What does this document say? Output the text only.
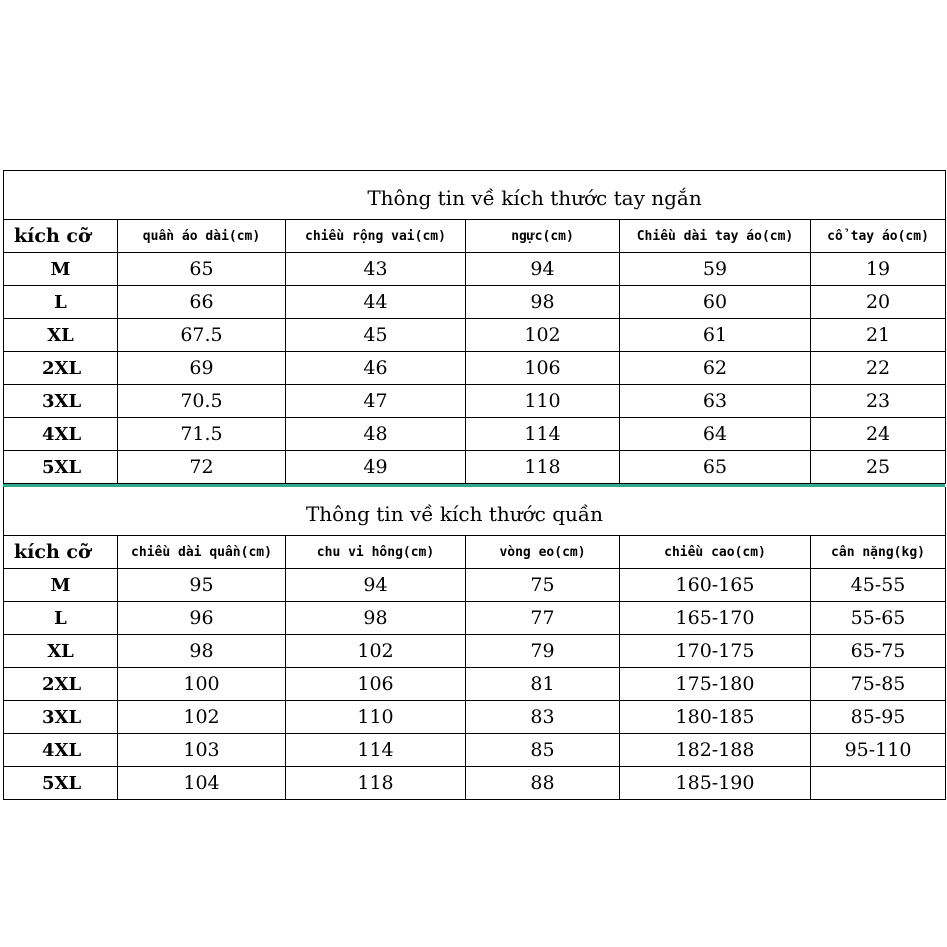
Thông tin về kích thước tay ngắn					
kích cỡ	quần áo dài(cm)	chiều rộng vai(cm)	ngực(cm)	Chiều dài tay áo(cm)	cổ tay áo(cm)
M	65	43	94	59	19
L	66	44	98	60	20
XL	67.5	45	102	61	21
2XL	69	46	106	62	22
3XL	70.5	47	110	63	23
4XL	71.5	48	114	64	24
5XL	72	49	118	65	25
Thông tin về kích thước quần					
kích cỡ	chiều dài quần(cm)	chu vi hông(cm)	vòng eo(cm)	chiều cao(cm)	cân nặng(kg)
M	95	94	75	160-165	45-55
L	96	98	77	165-170	55-65
XL	98	102	79	170-175	65-75
2XL	100	106	81	175-180	75-85
3XL	102	110	83	180-185	85-95
4XL	103	114	85	182-188	95-110
5XL	104	118	88	185-190	
